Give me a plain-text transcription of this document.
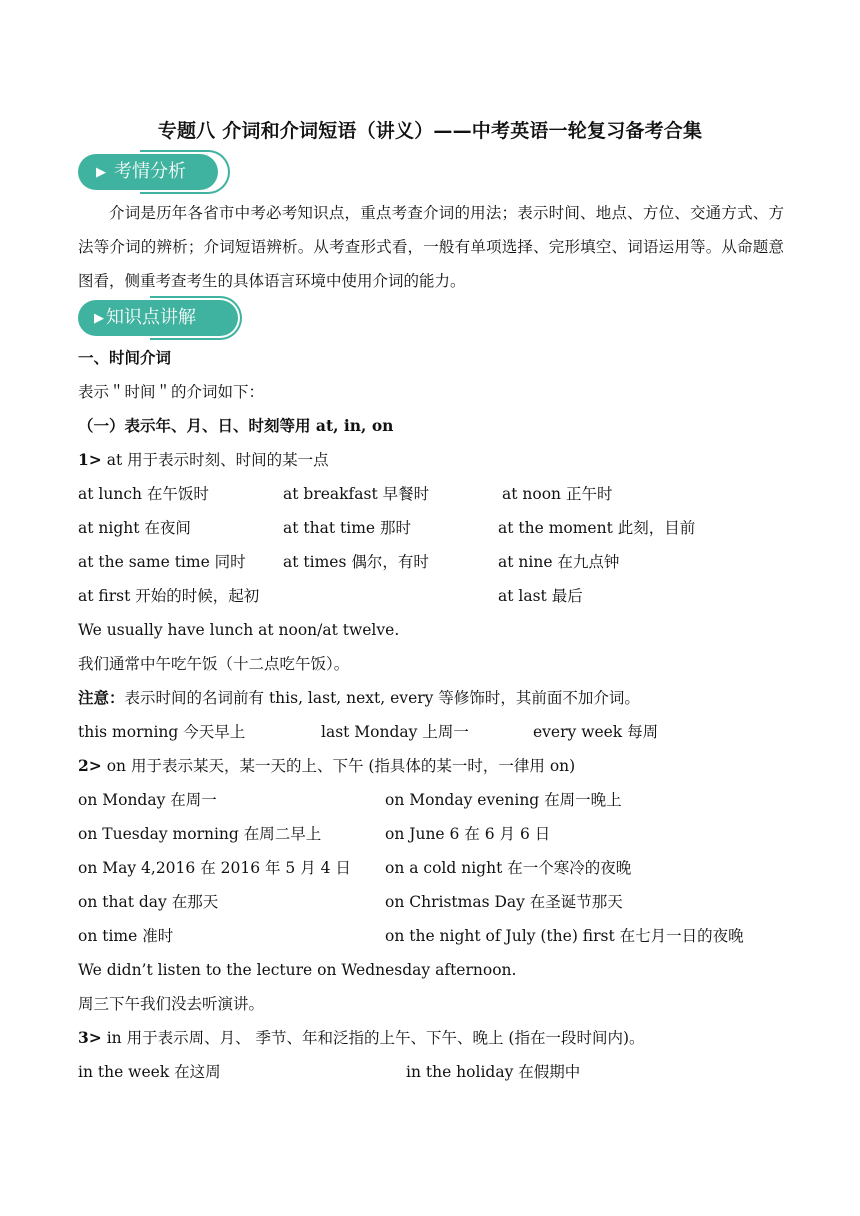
专题八 介词和介词短语（讲义）——中考英语一轮复习备考合集
▶ 考情分析
介词是历年各省市中考必考知识点，重点考查介词的用法；表示时间、地点、方位、交通方式、方法等介词的辨析；介词短语辨析。从考查形式看，一般有单项选择、完形填空、词语运用等。从命题意图看，侧重考查考生的具体语言环境中使用介词的能力。
▶ 知识点讲解
一、时间介词
表示＂时间＂的介词如下：
（一）表示年、月、日、时刻等用 at, in, on
1> at 用于表示时刻、时间的某一点
at lunch 在午饭时	at breakfast 早餐时	at noon 正午时
at night 在夜间	at that time 那时	at the moment 此刻，目前
at the same time 同时 at times 偶尔，有时	at nine 在九点钟
at first 开始的时候，起初	at last 最后
We usually have lunch at noon/at twelve.
我们通常中午吃午饭（十二点吃午饭）。
注意：表示时间的名词前有 this, last, next, every 等修饰时，其前面不加介词。
this morning 今天早上	last Monday 上周一	every week 每周
2> on 用于表示某天，某一天的上、下午 (指具体的某一时，一律用 on)
on Monday 在周一	on Monday evening 在周一晚上
on Tuesday morning 在周二早上	on June 6 在 6 月 6 日
on May 4,2016 在 2016 年 5 月 4 日 on a cold night 在一个寒冷的夜晚
on that day 在那天	on Christmas Day 在圣诞节那天
on time 准时	on the night of July (the) first 在七月一日的夜晚
We didn’t listen to the lecture on Wednesday afternoon.
周三下午我们没去听演讲。
3> in 用于表示周、月、 季节、年和泛指的上午、下午、晚上 (指在一段时间内)。
in the week 在这周	in the holiday 在假期中
